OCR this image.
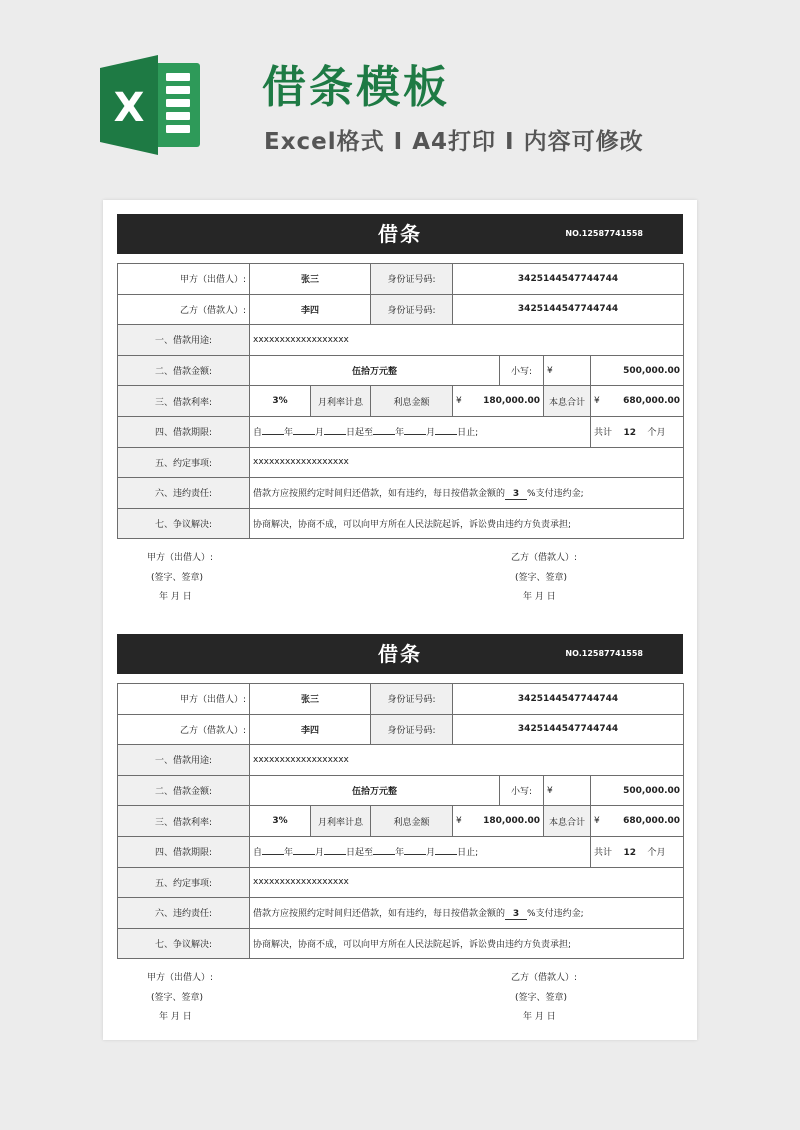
X	借条模板
Excel格式 Ⅰ A4打印 Ⅰ 内容可修改
借条	NO.12587741558
甲方（出借人）:	张三		身份证号码:	3425144547744744			
乙方（借款人）:	李四		身份证号码:	3425144547744744			
一、借款用途:	xxxxxxxxxxxxxxxxxx						
二、借款金额:	伍拾万元整				小写:	¥	500,000.00
三、借款利率:	3%	月利率计息	利息金额	¥ 180,000.00		本息合计	¥ 680,000.00
四、借款期限:	自 年 月 日起至 年 月 日止;						共计 12 个月
五、约定事项:	xxxxxxxxxxxxxxxxxx						
六、违约责任:	借款方应按照约定时间归还借款，如有违约，每日按借款金额的 3 %支付违约金;						
七、争议解决:	协商解决，协商不成，可以向甲方所在人民法院起诉，诉讼费由违约方负责承担;						
甲方（出借人）:
(签字、签章)
年 月 日
乙方（借款人）:
(签字、签章)
年 月 日
借条	NO.12587741558
甲方（出借人）:	张三		身份证号码:	3425144547744744			
乙方（借款人）:	李四		身份证号码:	3425144547744744			
一、借款用途:	xxxxxxxxxxxxxxxxxx						
二、借款金额:	伍拾万元整				小写:	¥	500,000.00
三、借款利率:	3%	月利率计息	利息金额	¥ 180,000.00		本息合计	¥ 680,000.00
四、借款期限:	自 年 月 日起至 年 月 日止;						共计 12 个月
五、约定事项:	xxxxxxxxxxxxxxxxxx						
六、违约责任:	借款方应按照约定时间归还借款，如有违约，每日按借款金额的 3 %支付违约金;						
七、争议解决:	协商解决，协商不成，可以向甲方所在人民法院起诉，诉讼费由违约方负责承担;						
甲方（出借人）:
(签字、签章)
年 月 日
乙方（借款人）:
(签字、签章)
年 月 日
